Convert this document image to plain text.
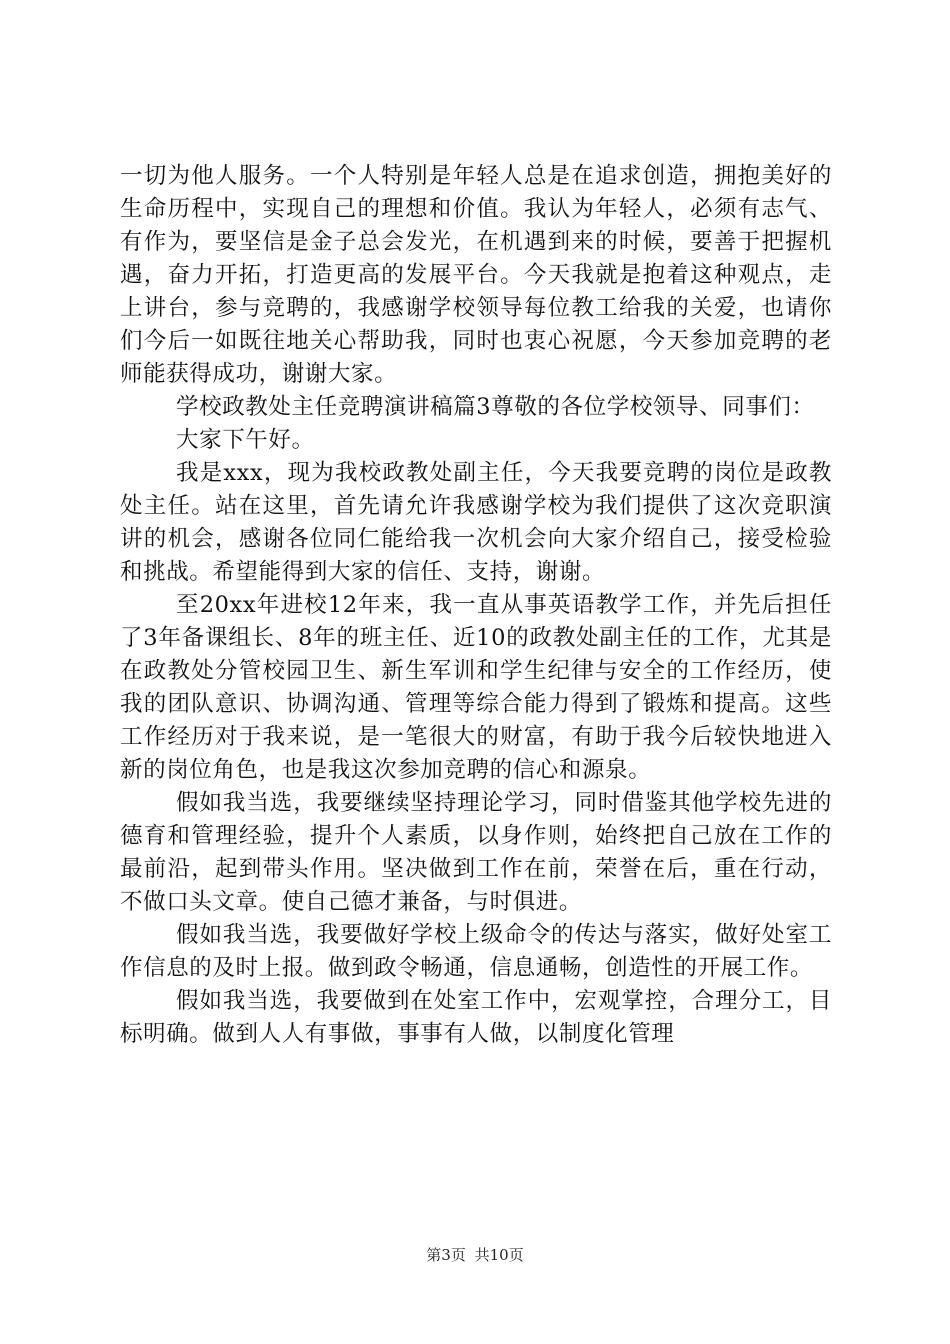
一切为他人服务。一个人特别是年轻人总是在追求创造，拥抱美好的生命历程中，实现自己的理想和价值。我认为年轻人，必须有志气、有作为，要坚信是金子总会发光，在机遇到来的时候，要善于把握机遇，奋力开拓，打造更高的发展平台。今天我就是抱着这种观点，走上讲台，参与竞聘的，我感谢学校领导每位教工给我的关爱，也请你们今后一如既往地关心帮助我，同时也衷心祝愿，今天参加竞聘的老师能获得成功，谢谢大家。

学校政教处主任竞聘演讲稿篇3尊敬的各位学校领导、同事们：

大家下午好。

我是xxx，现为我校政教处副主任，今天我要竞聘的岗位是政教处主任。站在这里，首先请允许我感谢学校为我们提供了这次竞职演讲的机会，感谢各位同仁能给我一次机会向大家介绍自己，接受检验和挑战。希望能得到大家的信任、支持，谢谢。

至20xx年进校12年来，我一直从事英语教学工作，并先后担任了3年备课组长、8年的班主任、近10的政教处副主任的工作，尤其是在政教处分管校园卫生、新生军训和学生纪律与安全的工作经历，使我的团队意识、协调沟通、管理等综合能力得到了锻炼和提高。这些工作经历对于我来说，是一笔很大的财富，有助于我今后较快地进入新的岗位角色，也是我这次参加竞聘的信心和源泉。

假如我当选，我要继续坚持理论学习，同时借鉴其他学校先进的德育和管理经验，提升个人素质，以身作则，始终把自己放在工作的最前沿，起到带头作用。坚决做到工作在前，荣誉在后，重在行动，不做口头文章。使自己德才兼备，与时俱进。

假如我当选，我要做好学校上级命令的传达与落实，做好处室工作信息的及时上报。做到政令畅通，信息通畅，创造性的开展工作。

假如我当选，我要做到在处室工作中，宏观掌控，合理分工，目标明确。做到人人有事做，事事有人做，以制度化管理

第3页 共10页
